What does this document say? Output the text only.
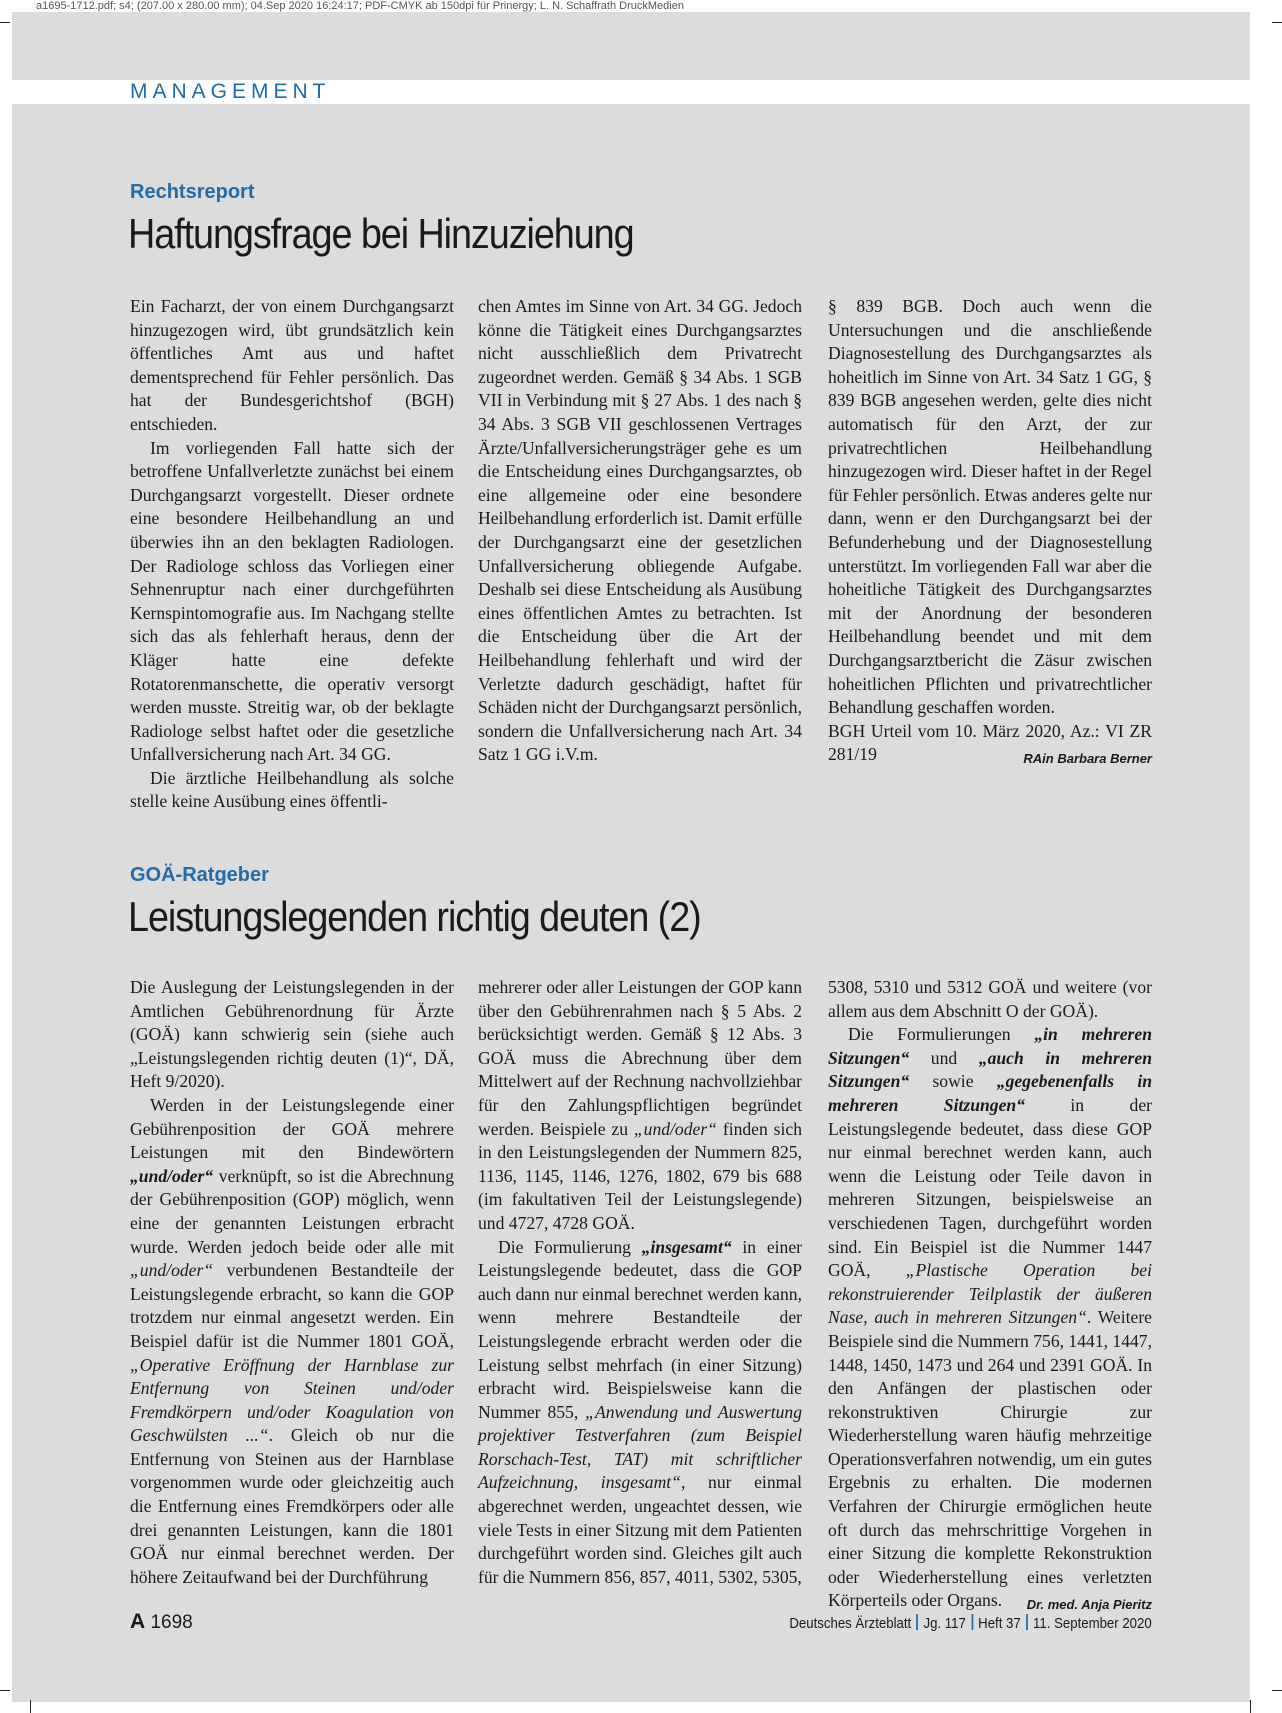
a1695-1712.pdf; s4; (207.00 x 280.00 mm); 04.Sep 2020 16:24:17; PDF-CMYK ab 150dpi für Prinergy; L. N. Schaffrath DruckMedien
MANAGEMENT
Rechtsreport
Haftungsfrage bei Hinzuziehung

Ein Facharzt, der von einem Durchgangsarzt hinzugezogen wird, übt grundsätzlich kein öffentliches Amt aus und haftet dementsprechend für Fehler persönlich. Das hat der Bundesgerichtshof (BGH) entschieden.

Im vorliegenden Fall hatte sich der betroffene Unfallverletzte zunächst bei einem Durchgangsarzt vorgestellt. Dieser ordnete eine besondere Heilbehandlung an und überwies ihn an den beklagten Radiologen. Der Radiologe schloss das Vorliegen einer Sehnenruptur nach einer durchgeführten Kernspintomografie aus. Im Nachgang stellte sich das als fehlerhaft heraus, denn der Kläger hatte eine defekte Rotatorenmanschette, die operativ versorgt werden musste. Streitig war, ob der beklagte Radiologe selbst haftet oder die gesetzliche Unfallversicherung nach Art. 34 GG.

Die ärztliche Heilbehandlung als solche stelle keine Ausübung eines öffentli-

chen Amtes im Sinne von Art. 34 GG. Jedoch könne die Tätigkeit eines Durchgangsarztes nicht ausschließlich dem Privatrecht zugeordnet werden. Gemäß § 34 Abs. 1 SGB VII in Verbindung mit § 27 Abs. 1 des nach § 34 Abs. 3 SGB VII geschlossenen Vertrages Ärzte/Unfallversicherungsträger gehe es um die Entscheidung eines Durchgangsarztes, ob eine allgemeine oder eine besondere Heilbehandlung erforderlich ist. Damit erfülle der Durchgangsarzt eine der gesetzlichen Unfallversicherung obliegende Aufgabe. Deshalb sei diese Entscheidung als Ausübung eines öffentlichen Amtes zu betrachten. Ist die Entscheidung über die Art der Heilbehandlung fehlerhaft und wird der Verletzte dadurch geschädigt, haftet für Schäden nicht der Durchgangsarzt persönlich, sondern die Unfallversicherung nach Art. 34 Satz 1 GG i.V.m.

§ 839 BGB. Doch auch wenn die Untersuchungen und die anschließende Diagnosestellung des Durchgangsarztes als hoheitlich im Sinne von Art. 34 Satz 1 GG, § 839 BGB angesehen werden, gelte dies nicht automatisch für den Arzt, der zur privatrechtlichen Heilbehandlung hinzugezogen wird. Dieser haftet in der Regel für Fehler persönlich. Etwas anderes gelte nur dann, wenn er den Durchgangsarzt bei der Befunderhebung und der Diagnosestellung unterstützt. Im vorliegenden Fall war aber die hoheitliche Tätigkeit des Durchgangsarztes mit der Anordnung der besonderen Heilbehandlung beendet und mit dem Durchgangsarztbericht die Zäsur zwischen hoheitlichen Pflichten und privatrechtlicher Behandlung geschaffen worden.

BGH Urteil vom 10. März 2020, Az.: VI ZR 281/19	RAin Barbara Berner

GOÄ-Ratgeber
Leistungslegenden richtig deuten (2)

Die Auslegung der Leistungslegenden in der Amtlichen Gebührenordnung für Ärzte (GOÄ) kann schwierig sein (siehe auch „Leistungslegenden richtig deuten (1)“, DÄ, Heft 9/2020).

Werden in der Leistungslegende einer Gebührenposition der GOÄ mehrere Leistungen mit den Bindewörtern „und/oder“ verknüpft, so ist die Abrechnung der Gebührenposition (GOP) möglich, wenn eine der genannten Leistungen erbracht wurde. Werden jedoch beide oder alle mit „und/oder“ verbundenen Bestandteile der Leistungslegende erbracht, so kann die GOP trotzdem nur einmal angesetzt werden. Ein Beispiel dafür ist die Nummer 1801 GOÄ, „Operative Eröffnung der Harnblase zur Entfernung von Steinen und/oder Fremdkörpern und/oder Koagulation von Geschwülsten ...“. Gleich ob nur die Entfernung von Steinen aus der Harnblase vorgenommen wurde oder gleichzeitig auch die Entfernung eines Fremdkörpers oder alle drei genannten Leistungen, kann die 1801 GOÄ nur einmal berechnet werden. Der höhere Zeitaufwand bei der Durchführung

mehrerer oder aller Leistungen der GOP kann über den Gebührenrahmen nach § 5 Abs. 2 berücksichtigt werden. Gemäß § 12 Abs. 3 GOÄ muss die Abrechnung über dem Mittelwert auf der Rechnung nachvollziehbar für den Zahlungspflichtigen begründet werden. Beispiele zu „und/oder“ finden sich in den Leistungslegenden der Nummern 825, 1136, 1145, 1146, 1276, 1802, 679 bis 688 (im fakultativen Teil der Leistungslegende) und 4727, 4728 GOÄ.

Die Formulierung „insgesamt“ in einer Leistungslegende bedeutet, dass die GOP auch dann nur einmal berechnet werden kann, wenn mehrere Bestandteile der Leistungslegende erbracht werden oder die Leistung selbst mehrfach (in einer Sitzung) erbracht wird. Beispielsweise kann die Nummer 855, „Anwendung und Auswertung projektiver Testverfahren (zum Beispiel Rorschach-Test, TAT) mit schriftlicher Aufzeichnung, insgesamt“, nur einmal abgerechnet werden, ungeachtet dessen, wie viele Tests in einer Sitzung mit dem Patienten durchgeführt worden sind. Gleiches gilt auch für die Nummern 856, 857, 4011, 5302, 5305,

5308, 5310 und 5312 GOÄ und weitere (vor allem aus dem Abschnitt O der GOÄ).

Die Formulierungen „in mehreren Sitzungen“ und „auch in mehreren Sitzungen“ sowie „gegebenenfalls in mehreren Sitzungen“ in der Leistungslegende bedeutet, dass diese GOP nur einmal berechnet werden kann, auch wenn die Leistung oder Teile davon in mehreren Sitzungen, beispielsweise an verschiedenen Tagen, durchgeführt worden sind. Ein Beispiel ist die Nummer 1447 GOÄ, „Plastische Operation bei rekonstruierender Teilplastik der äußeren Nase, auch in mehreren Sitzungen“. Weitere Beispiele sind die Nummern 756, 1441, 1447, 1448, 1450, 1473 und 264 und 2391 GOÄ. In den Anfängen der plastischen oder rekonstruktiven Chirurgie zur Wiederherstellung waren häufig mehrzeitige Operationsverfahren notwendig, um ein gutes Ergebnis zu erhalten. Die modernen Verfahren der Chirurgie ermöglichen heute oft durch das mehrschrittige Vorgehen in einer Sitzung die komplette Rekonstruktion oder Wiederherstellung eines verletzten Körperteils oder Organs.	Dr. med. Anja Pieritz

A 1698	Deutsches Ärzteblatt Jg. 117 Heft 37 11. September 2020
